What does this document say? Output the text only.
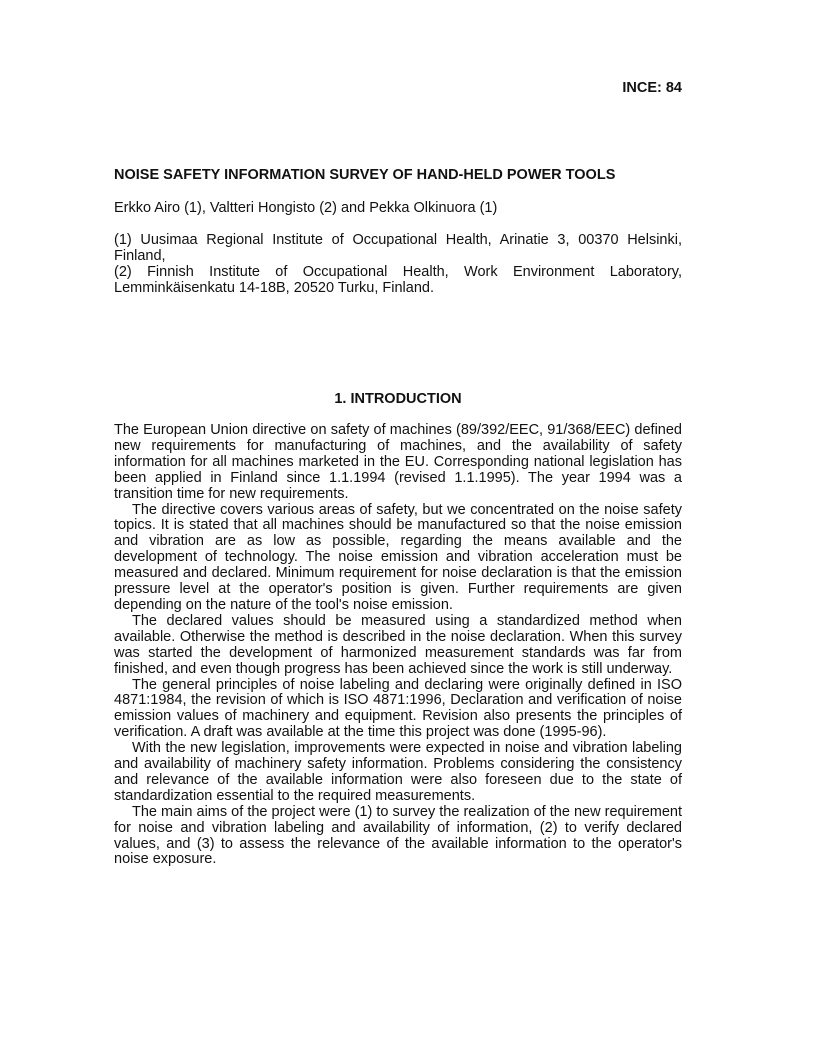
INCE: 84
NOISE SAFETY INFORMATION SURVEY OF HAND-HELD POWER TOOLS
Erkko Airo (1), Valtteri Hongisto (2) and Pekka Olkinuora (1)

(1) Uusimaa Regional Institute of Occupational Health, Arinatie 3, 00370 Helsinki, Finland,

(2) Finnish Institute of Occupational Health, Work Environment Laboratory, Lemminkäisenkatu 14-18B, 20520 Turku, Finland.

1. INTRODUCTION

The European Union directive on safety of machines (89/392/EEC, 91/368/EEC) defined new requirements for manufacturing of machines, and the availability of safety information for all machines marketed in the EU. Corresponding national legislation has been applied in Finland since 1.1.1994 (revised 1.1.1995). The year 1994 was a transition time for new requirements.

The directive covers various areas of safety, but we concentrated on the noise safety topics. It is stated that all machines should be manufactured so that the noise emission and vibration are as low as possible, regarding the means available and the development of technology. The noise emission and vibration acceleration must be measured and declared. Minimum requirement for noise declaration is that the emission pressure level at the operator's position is given. Further requirements are given depending on the nature of the tool's noise emission.

The declared values should be measured using a standardized method when available. Otherwise the method is described in the noise declaration. When this survey was started the development of harmonized measurement standards was far from finished, and even though progress has been achieved since the work is still underway.

The general principles of noise labeling and declaring were originally defined in ISO 4871:1984, the revision of which is ISO 4871:1996, Declaration and verification of noise emission values of machinery and equipment. Revision also presents the principles of verification. A draft was available at the time this project was done (1995-96).

With the new legislation, improvements were expected in noise and vibration labeling and availability of machinery safety information. Problems considering the consistency and relevance of the available information were also foreseen due to the state of standardization essential to the required measurements.

The main aims of the project were (1) to survey the realization of the new requirement for noise and vibration labeling and availability of information, (2) to verify declared values, and (3) to assess the relevance of the available information to the operator's noise exposure.
